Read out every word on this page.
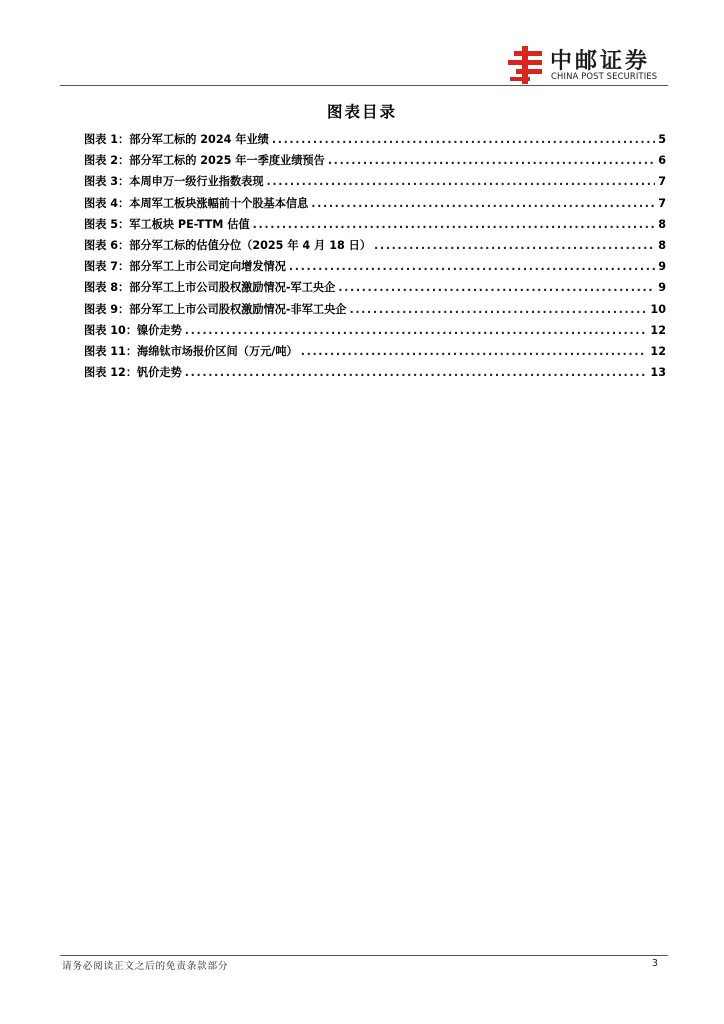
中邮证券
CHINA POST SECURITIES
图表目录
图表 1： 部分军工标的 2024 年业绩 .....	5
图表 2： 部分军工标的 2025 年一季度业绩预告 .....	6
图表 3： 本周申万一级行业指数表现 .....	7
图表 4： 本周军工板块涨幅前十个股基本信息 .....	7
图表 5： 军工板块 PE-TTM 估值 .....	8
图表 6： 部分军工标的估值分位（2025 年 4 月 18 日） .....	8
图表 7： 部分军工上市公司定向增发情况 .....	9
图表 8： 部分军工上市公司股权激励情况-军工央企 .....	9
图表 9： 部分军工上市公司股权激励情况-非军工央企 .....	10
图表 10： 镍价走势 .....	12
图表 11： 海绵钛市场报价区间（万元/吨） .....	12
图表 12： 钒价走势 .....	13
请务必阅读正文之后的免责条款部分	3
